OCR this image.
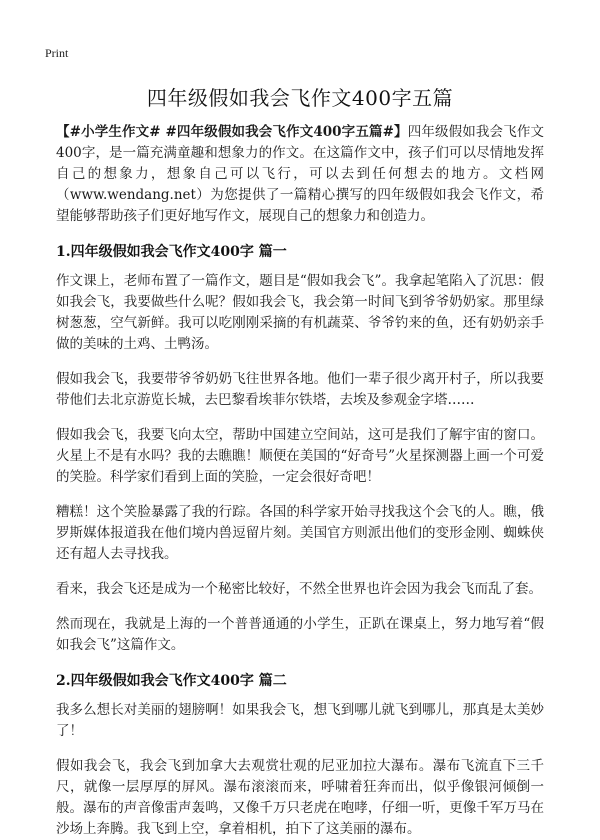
Print
四年级假如我会飞作文400字五篇

【#小学生作文# #四年级假如我会飞作文400字五篇#】四年级假如我会飞作文400字，是一篇充满童趣和想象力的作文。在这篇作文中，孩子们可以尽情地发挥自己的想象力，想象自己可以飞行，可以去到任何想去的地方。文档网（www.wendang.net）为您提供了一篇精心撰写的四年级假如我会飞作文，希望能够帮助孩子们更好地写作文，展现自己的想象力和创造力。

1.四年级假如我会飞作文400字 篇一

作文课上，老师布置了一篇作文，题目是“假如我会飞”。我拿起笔陷入了沉思：假如我会飞，我要做些什么呢？假如我会飞，我会第一时间飞到爷爷奶奶家。那里绿树葱葱，空气新鲜。我可以吃刚刚采摘的有机蔬菜、爷爷钓来的鱼，还有奶奶亲手做的美味的土鸡、土鸭汤。

假如我会飞，我要带爷爷奶奶飞往世界各地。他们一辈子很少离开村子，所以我要带他们去北京游览长城，去巴黎看埃菲尔铁塔，去埃及参观金字塔……

假如我会飞，我要飞向太空，帮助中国建立空间站，这可是我们了解宇宙的窗口。火星上不是有水吗？我的去瞧瞧！顺便在美国的“好奇号”火星探测器上画一个可爱的笑脸。科学家们看到上面的笑脸，一定会很好奇吧！

糟糕！这个笑脸暴露了我的行踪。各国的科学家开始寻找我这个会飞的人。瞧，俄罗斯媒体报道我在他们境内兽逗留片刻。美国官方则派出他们的变形金刚、蜘蛛侠还有超人去寻找我。

看来，我会飞还是成为一个秘密比较好，不然全世界也许会因为我会飞而乱了套。

然而现在，我就是上海的一个普普通通的小学生，正趴在课桌上，努力地写着“假如我会飞”这篇作文。

2.四年级假如我会飞作文400字 篇二

我多么想长对美丽的翅膀啊！如果我会飞，想飞到哪儿就飞到哪儿，那真是太美妙了！

假如我会飞，我会飞到加拿大去观赏壮观的尼亚加拉大瀑布。瀑布飞流直下三千尺，就像一层厚厚的屏风。瀑布滚滚而来，呼啸着狂奔而出，似乎像银河倾倒一般。瀑布的声音像雷声轰鸣，又像千万只老虎在咆哮，仔细一听，更像千军万马在沙场上奔腾。我飞到上空，拿着相机，拍下了这美丽的瀑布。
